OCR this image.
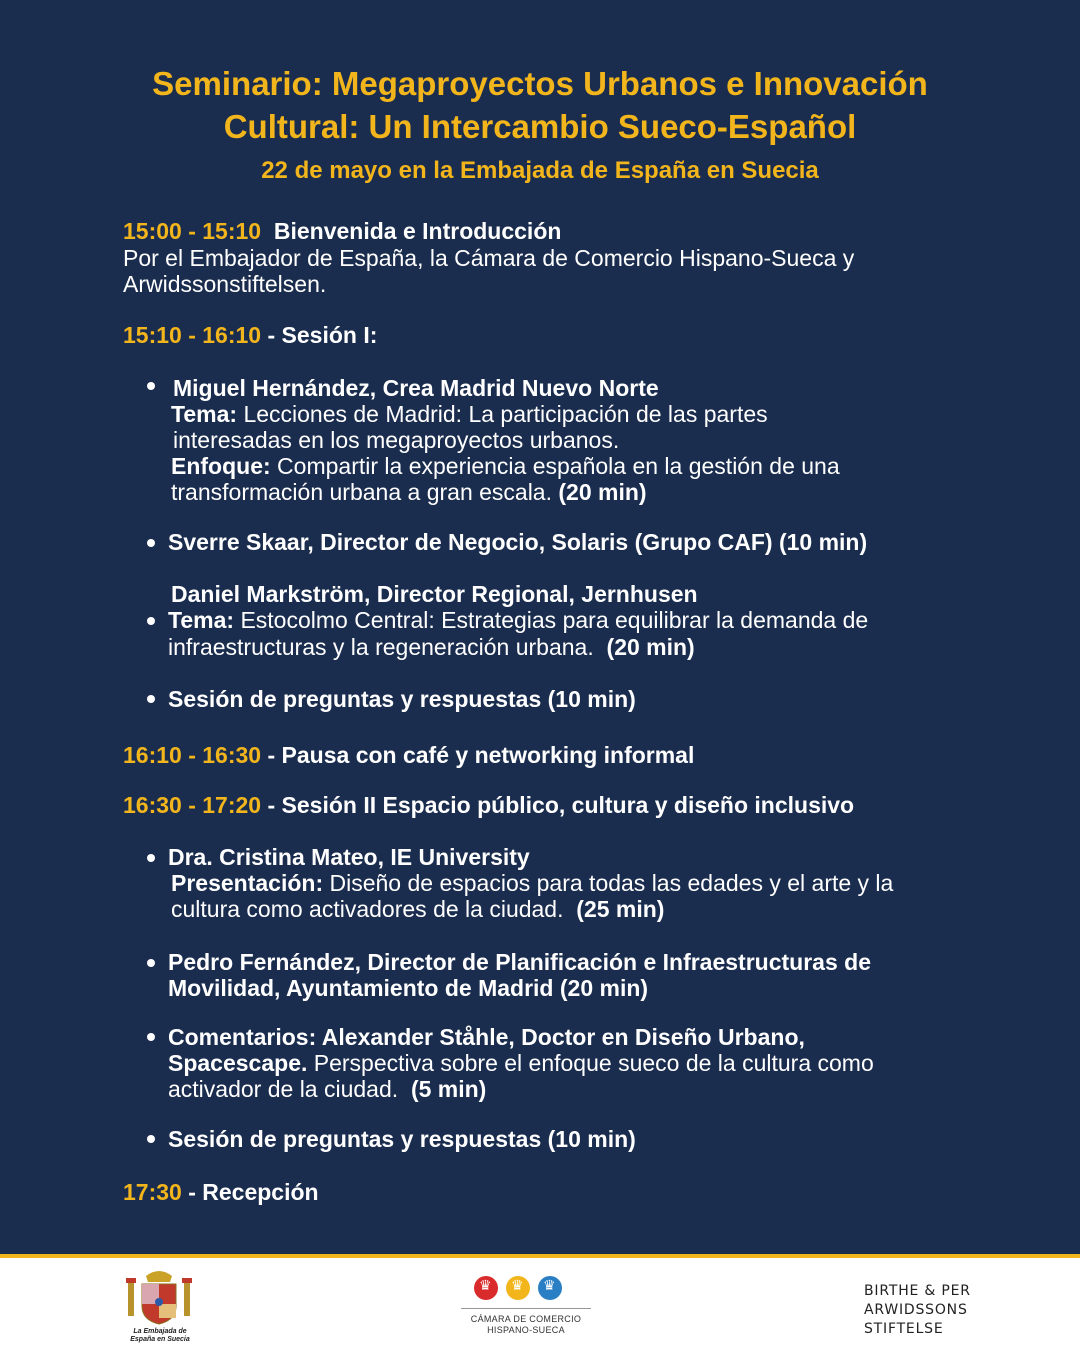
Seminario: Megaproyectos Urbanos e Innovación
Cultural: Un Intercambio Sueco-Español
22 de mayo en la Embajada de España en Suecia
15:00 - 15:10 Bienvenida e Introducción
Por el Embajador de España, la Cámara de Comercio Hispano-Sueca y
Arwidssonstiftelsen.
15:10 - 16:10 - Sesión I:
Miguel Hernández, Crea Madrid Nuevo Norte
Tema: Lecciones de Madrid: La participación de las partes
interesadas en los megaproyectos urbanos.
Enfoque: Compartir la experiencia española en la gestión de una
transformación urbana a gran escala. (20 min)
Sverre Skaar, Director de Negocio, Solaris (Grupo CAF) (10 min)
Daniel Markström, Director Regional, Jernhusen
Tema: Estocolmo Central: Estrategias para equilibrar la demanda de
infraestructuras y la regeneración urbana. (20 min)
Sesión de preguntas y respuestas (10 min)
16:10 - 16:30 - Pausa con café y networking informal
16:30 - 17:20 - Sesión II Espacio público, cultura y diseño inclusivo
Dra. Cristina Mateo, IE University
Presentación: Diseño de espacios para todas las edades y el arte y la
cultura como activadores de la ciudad. (25 min)
Pedro Fernández, Director de Planificación e Infraestructuras de
Movilidad, Ayuntamiento de Madrid (20 min)
Comentarios: Alexander Ståhle, Doctor en Diseño Urbano,
Spacescape. Perspectiva sobre el enfoque sueco de la cultura como
activador de la ciudad. (5 min)
Sesión de preguntas y respuestas (10 min)
17:30 - Recepción
La Embajada de
España en Suecia
♛♛♛
CÁMARA DE COMERCIO
HISPANO-SUECA
BIRTHE & PER
ARWIDSSONS
STIFTELSE
